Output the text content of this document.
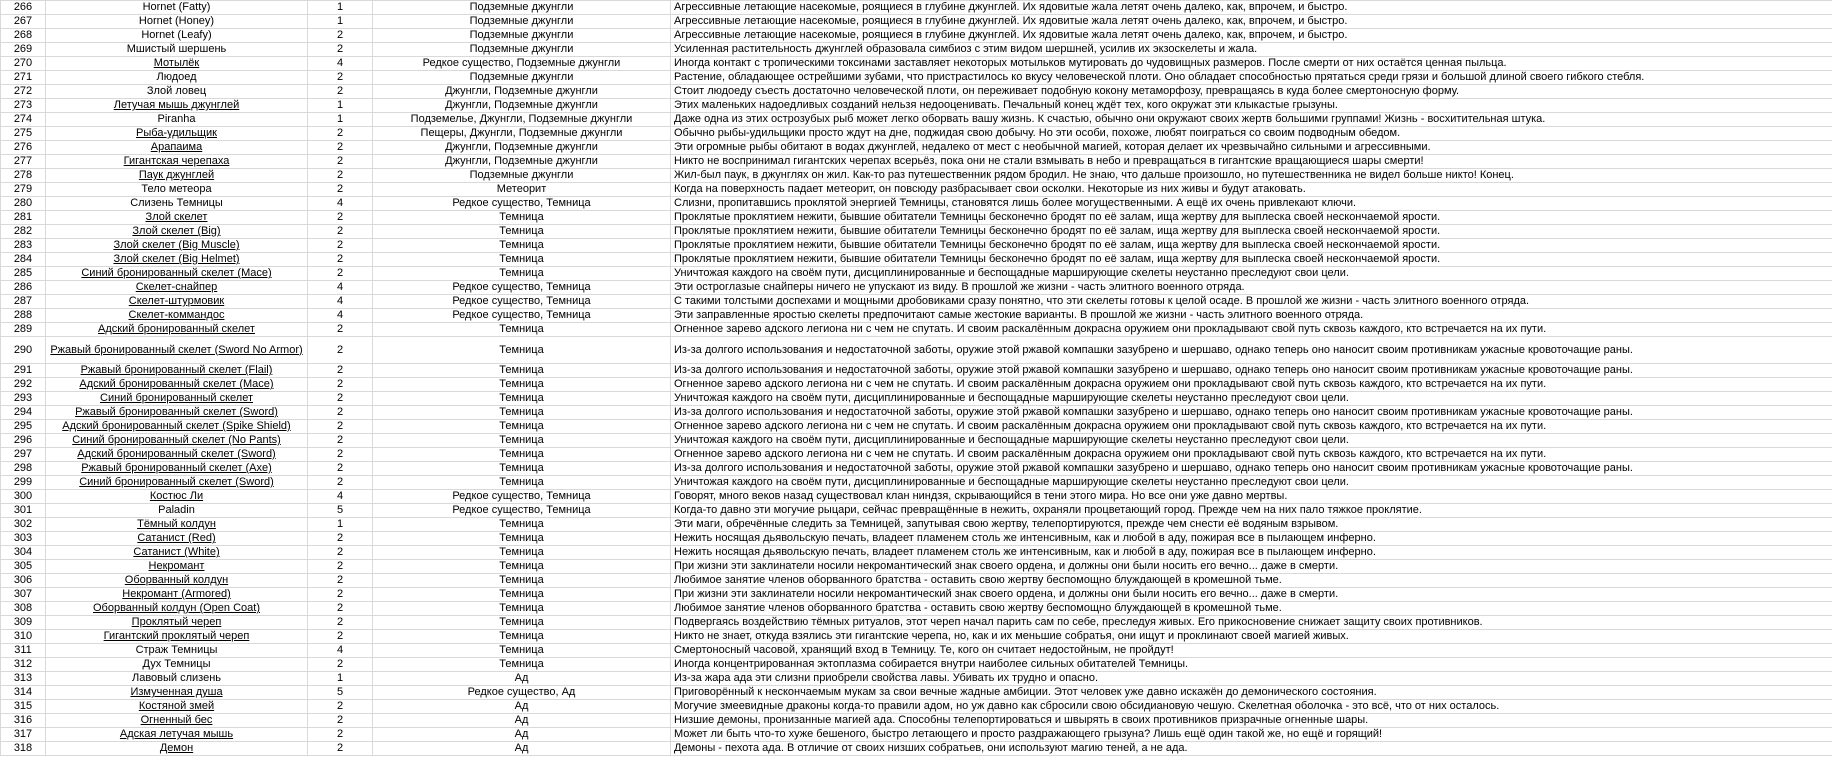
266	Hornet (Fatty)	1	Подземные джунгли	Агрессивные летающие насекомые, роящиеся в глубине джунглей. Их ядовитые жала летят очень далеко, как, впрочем, и быстро.
267	Hornet (Honey)	1	Подземные джунгли	Агрессивные летающие насекомые, роящиеся в глубине джунглей. Их ядовитые жала летят очень далеко, как, впрочем, и быстро.
268	Hornet (Leafy)	2	Подземные джунгли	Агрессивные летающие насекомые, роящиеся в глубине джунглей. Их ядовитые жала летят очень далеко, как, впрочем, и быстро.
269	Мшистый шершень	2	Подземные джунгли	Усиленная растительность джунглей образовала симбиоз с этим видом шершней, усилив их экзоскелеты и жала.
270	Мотылёк	4	Редкое существо, Подземные джунгли	Иногда контакт с тропическими токсинами заставляет некоторых мотыльков мутировать до чудовищных размеров. После смерти от них остаётся ценная пыльца.
271	Людоед	2	Подземные джунгли	Растение, обладающее острейшими зубами, что пристрастилось ко вкусу человеческой плоти. Оно обладает способностью прятаться среди грязи и большой длиной своего гибкого стебля.
272	Злой ловец	2	Джунгли, Подземные джунгли	Стоит людоеду съесть достаточно человеческой плоти, он переживает подобную кокону метаморфозу, превращаясь в куда более смертоносную форму.
273	Летучая мышь джунглей	1	Джунгли, Подземные джунгли	Этих маленьких надоедливых созданий нельзя недооценивать. Печальный конец ждёт тех, кого окружат эти клыкастые грызуны.
274	Piranha	1	Подземелье, Джунгли, Подземные джунгли	Даже одна из этих острозубых рыб может легко оборвать вашу жизнь. К счастью, обычно они окружают своих жертв большими группами! Жизнь - восхитительная штука.
275	Рыба-удильщик	2	Пещеры, Джунгли, Подземные джунгли	Обычно рыбы-удильщики просто ждут на дне, поджидая свою добычу. Но эти особи, похоже, любят поиграться со своим подводным обедом.
276	Арапаима	2	Джунгли, Подземные джунгли	Эти огромные рыбы обитают в водах джунглей, недалеко от мест с необычной магией, которая делает их чрезвычайно сильными и агрессивными.
277	Гигантская черепаха	2	Джунгли, Подземные джунгли	Никто не воспринимал гигантских черепах всерьёз, пока они не стали взмывать в небо и превращаться в гигантские вращающиеся шары смерти!
278	Паук джунглей	2	Подземные джунгли	Жил-был паук, в джунглях он жил. Как-то раз путешественник рядом бродил. Не знаю, что дальше произошло, но путешественника не видел больше никто! Конец.
279	Тело метеора	2	Метеорит	Когда на поверхность падает метеорит, он повсюду разбрасывает свои осколки. Некоторые из них живы и будут атаковать.
280	Слизень Темницы	4	Редкое существо, Темница	Слизни, пропитавшись проклятой энергией Темницы, становятся лишь более могущественными. А ещё их очень привлекают ключи.
281	Злой скелет	2	Темница	Проклятые проклятием нежити, бывшие обитатели Темницы бесконечно бродят по её залам, ища жертву для выплеска своей нескончаемой ярости.
282	Злой скелет (Big)	2	Темница	Проклятые проклятием нежити, бывшие обитатели Темницы бесконечно бродят по её залам, ища жертву для выплеска своей нескончаемой ярости.
283	Злой скелет (Big Muscle)	2	Темница	Проклятые проклятием нежити, бывшие обитатели Темницы бесконечно бродят по её залам, ища жертву для выплеска своей нескончаемой ярости.
284	Злой скелет (Big Helmet)	2	Темница	Проклятые проклятием нежити, бывшие обитатели Темницы бесконечно бродят по её залам, ища жертву для выплеска своей нескончаемой ярости.
285	Синий бронированный скелет (Mace)	2	Темница	Уничтожая каждого на своём пути, дисциплинированные и беспощадные марширующие скелеты неустанно преследуют свои цели.
286	Скелет-снайпер	4	Редкое существо, Темница	Эти остроглазые снайперы ничего не упускают из виду. В прошлой же жизни - часть элитного военного отряда.
287	Скелет-штурмовик	4	Редкое существо, Темница	С такими толстыми доспехами и мощными дробовиками сразу понятно, что эти скелеты готовы к целой осаде. В прошлой же жизни - часть элитного военного отряда.
288	Скелет-коммандос	4	Редкое существо, Темница	Эти заправленные яростью скелеты предпочитают самые жестокие варианты. В прошлой же жизни - часть элитного военного отряда.
289	Адский бронированный скелет	2	Темница	Огненное зарево адского легиона ни с чем не спутать. И своим раскалённым докрасна оружием они прокладывают свой путь сквозь каждого, кто встречается на их пути.
290	Ржавый бронированный скелет (Sword No Armor)	2	Темница	Из-за долгого использования и недостаточной заботы, оружие этой ржавой компашки зазубрено и шершаво, однако теперь оно наносит своим противникам ужасные кровоточащие раны.
291	Ржавый бронированный скелет (Flail)	2	Темница	Из-за долгого использования и недостаточной заботы, оружие этой ржавой компашки зазубрено и шершаво, однако теперь оно наносит своим противникам ужасные кровоточащие раны.
292	Адский бронированный скелет (Mace)	2	Темница	Огненное зарево адского легиона ни с чем не спутать. И своим раскалённым докрасна оружием они прокладывают свой путь сквозь каждого, кто встречается на их пути.
293	Синий бронированный скелет	2	Темница	Уничтожая каждого на своём пути, дисциплинированные и беспощадные марширующие скелеты неустанно преследуют свои цели.
294	Ржавый бронированный скелет (Sword)	2	Темница	Из-за долгого использования и недостаточной заботы, оружие этой ржавой компашки зазубрено и шершаво, однако теперь оно наносит своим противникам ужасные кровоточащие раны.
295	Адский бронированный скелет (Spike Shield)	2	Темница	Огненное зарево адского легиона ни с чем не спутать. И своим раскалённым докрасна оружием они прокладывают свой путь сквозь каждого, кто встречается на их пути.
296	Синий бронированный скелет (No Pants)	2	Темница	Уничтожая каждого на своём пути, дисциплинированные и беспощадные марширующие скелеты неустанно преследуют свои цели.
297	Адский бронированный скелет (Sword)	2	Темница	Огненное зарево адского легиона ни с чем не спутать. И своим раскалённым докрасна оружием они прокладывают свой путь сквозь каждого, кто встречается на их пути.
298	Ржавый бронированный скелет (Axe)	2	Темница	Из-за долгого использования и недостаточной заботы, оружие этой ржавой компашки зазубрено и шершаво, однако теперь оно наносит своим противникам ужасные кровоточащие раны.
299	Синий бронированный скелет (Sword)	2	Темница	Уничтожая каждого на своём пути, дисциплинированные и беспощадные марширующие скелеты неустанно преследуют свои цели.
300	Костюс Ли	4	Редкое существо, Темница	Говорят, много веков назад существовал клан ниндзя, скрывающийся в тени этого мира. Но все они уже давно мертвы.
301	Paladin	5	Редкое существо, Темница	Когда-то давно эти могучие рыцари, сейчас превращённые в нежить, охраняли процветающий город. Прежде чем на них пало тяжкое проклятие.
302	Тёмный колдун	1	Темница	Эти маги, обречённые следить за Темницей, запутывая свою жертву, телепортируются, прежде чем снести её водяным взрывом.
303	Сатанист (Red)	2	Темница	Нежить носящая дьявольскую печать, владеет пламенем столь же интенсивным, как и любой в аду, пожирая все в пылающем инферно.
304	Сатанист (White)	2	Темница	Нежить носящая дьявольскую печать, владеет пламенем столь же интенсивным, как и любой в аду, пожирая все в пылающем инферно.
305	Некромант	2	Темница	При жизни эти заклинатели носили некромантический знак своего ордена, и должны они были носить его вечно... даже в смерти.
306	Оборванный колдун	2	Темница	Любимое занятие членов оборванного братства - оставить свою жертву беспомощно блуждающей в кромешной тьме.
307	Некромант (Armored)	2	Темница	При жизни эти заклинатели носили некромантический знак своего ордена, и должны они были носить его вечно... даже в смерти.
308	Оборванный колдун (Open Coat)	2	Темница	Любимое занятие членов оборванного братства - оставить свою жертву беспомощно блуждающей в кромешной тьме.
309	Проклятый череп	2	Темница	Подвергаясь воздействию тёмных ритуалов, этот череп начал парить сам по себе, преследуя живых. Его прикосновение снижает защиту своих противников.
310	Гигантский проклятый череп	2	Темница	Никто не знает, откуда взялись эти гигантские черепа, но, как и их меньшие собратья, они ищут и проклинают своей магией живых.
311	Страж Темницы	4	Темница	Смертоносный часовой, хранящий вход в Темницу. Те, кого он считает недостойным, не пройдут!
312	Дух Темницы	2	Темница	Иногда концентрированная эктоплазма собирается внутри наиболее сильных обитателей Темницы.
313	Лавовый слизень	1	Ад	Из-за жара ада эти слизни приобрели свойства лавы. Убивать их трудно и опасно.
314	Измученная душа	5	Редкое существо, Ад	Приговорённый к нескончаемым мукам за свои вечные жадные амбиции. Этот человек уже давно искажён до демонического состояния.
315	Костяной змей	2	Ад	Могучие змеевидные драконы когда-то правили адом, но уж давно как сбросили свою обсидиановую чешую. Скелетная оболочка - это всё, что от них осталось.
316	Огненный бес	2	Ад	Низшие демоны, пронизанные магией ада. Способны телепортироваться и швырять в своих противников призрачные огненные шары.
317	Адская летучая мышь	2	Ад	Может ли быть что-то хуже бешеного, быстро летающего и просто раздражающего грызуна? Лишь ещё один такой же, но ещё и горящий!
318	Демон	2	Ад	Демоны - пехота ада. В отличие от своих низших собратьев, они используют магию теней, а не ада.
